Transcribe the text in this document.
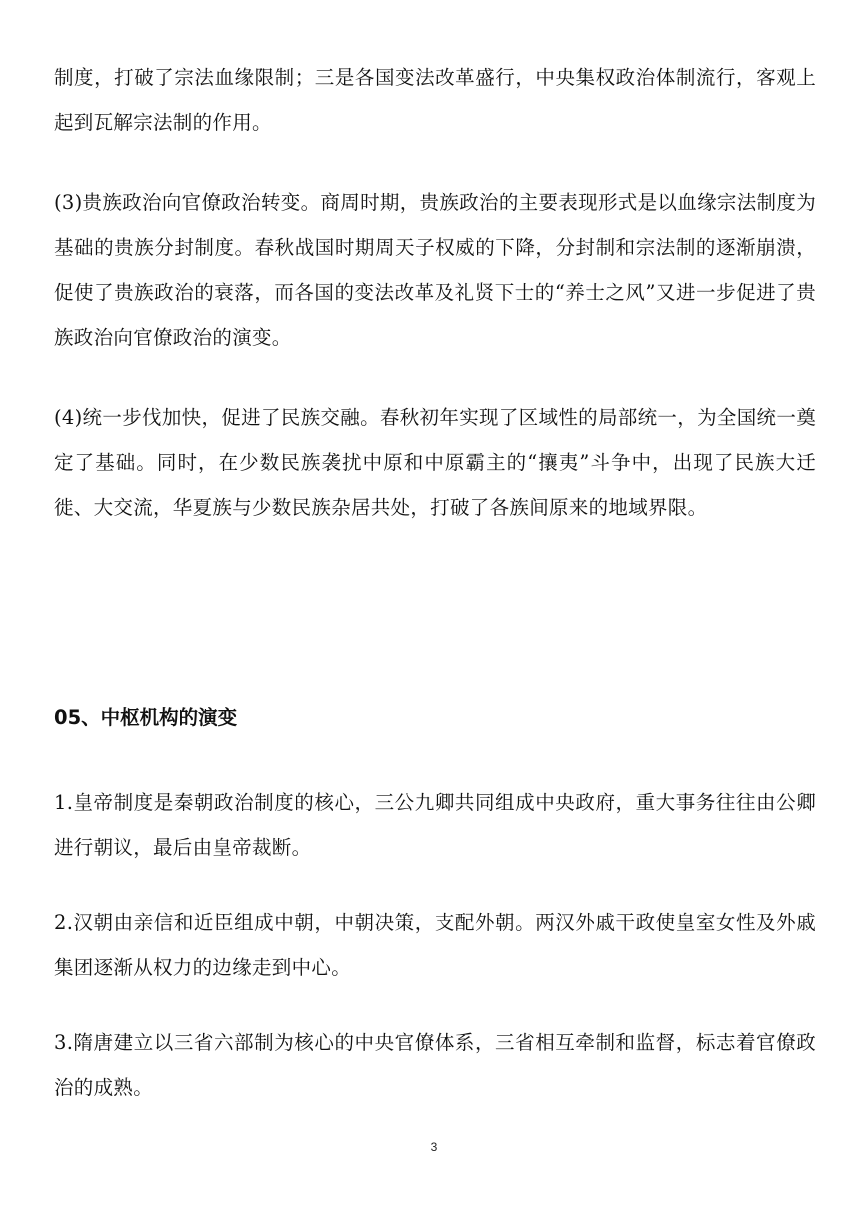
制度，打破了宗法血缘限制；三是各国变法改革盛行，中央集权政治体制流行，客观上起到瓦解宗法制的作用。

(3)贵族政治向官僚政治转变。商周时期，贵族政治的主要表现形式是以血缘宗法制度为基础的贵族分封制度。春秋战国时期周天子权威的下降，分封制和宗法制的逐渐崩溃，促使了贵族政治的衰落，而各国的变法改革及礼贤下士的“养士之风”又进一步促进了贵族政治向官僚政治的演变。

(4)统一步伐加快，促进了民族交融。春秋初年实现了区域性的局部统一，为全国统一奠定了基础。同时，在少数民族袭扰中原和中原霸主的“攘夷”斗争中，出现了民族大迁徙、大交流，华夏族与少数民族杂居共处，打破了各族间原来的地域界限。

05、中枢机构的演变

1.皇帝制度是秦朝政治制度的核心，三公九卿共同组成中央政府，重大事务往往由公卿进行朝议，最后由皇帝裁断。

2.汉朝由亲信和近臣组成中朝，中朝决策，支配外朝。两汉外戚干政使皇室女性及外戚集团逐渐从权力的边缘走到中心。

3.隋唐建立以三省六部制为核心的中央官僚体系，三省相互牵制和监督，标志着官僚政治的成熟。

3
